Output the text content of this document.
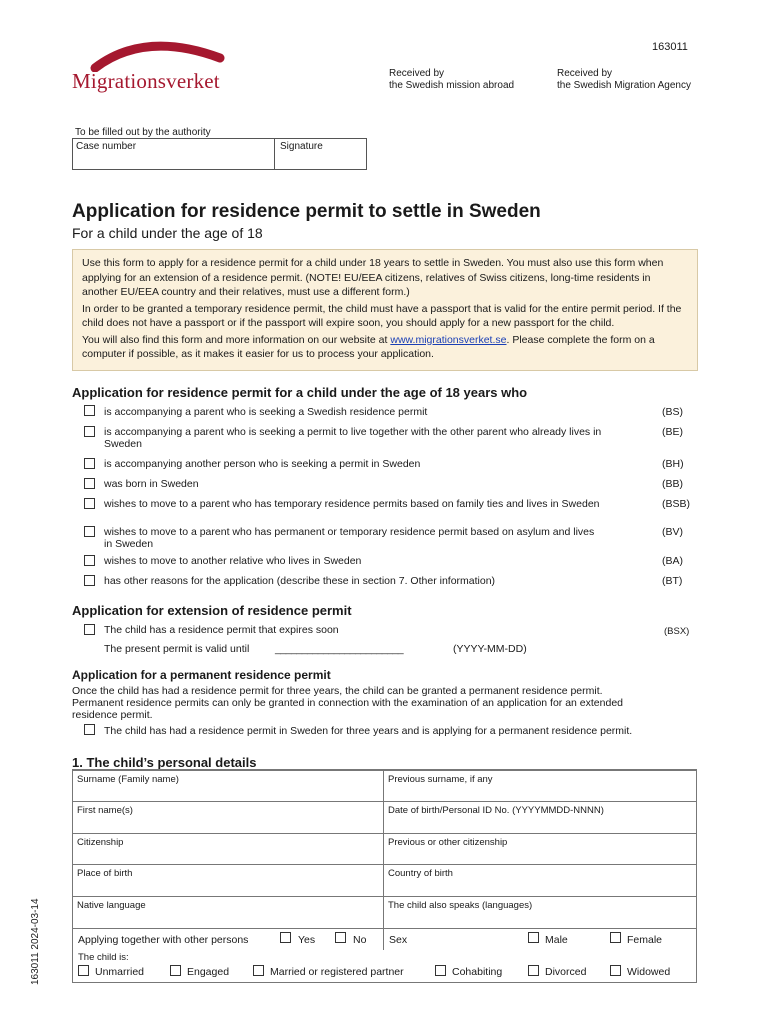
Migrationsverket
163011
Received by
the Swedish mission abroad
Received by
the Swedish Migration Agency
To be filled out by the authority
Case number	Signature
Application for residence permit to settle in Sweden
For a child under the age of 18

Use this form to apply for a residence permit for a child under 18 years to settle in Sweden. You must also use this form when applying for an extension of a residence permit. (NOTE! EU/EEA citizens, relatives of Swiss citizens, long-time residents in another EU/EEA country and their relatives, must use a different form.)

In order to be granted a temporary residence permit, the child must have a passport that is valid for the entire permit period. If the child does not have a passport or if the passport will expire soon, you should apply for a new passport for the child.

You will also find this form and more information on our website at www.migrationsverket.se. Please complete the form on a computer if possible, as it makes it easier for us to process your application.

Application for residence permit for a child under the age of 18 years who
is accompanying a parent who is seeking a Swedish residence permit	(BS)
is accompanying a parent who is seeking a permit to live together with the other parent who already lives in Sweden
(BE)
is accompanying another person who is seeking a permit in Sweden	(BH)
was born in Sweden	(BB)
wishes to move to a parent who has temporary residence permits based on family ties and lives in Sweden	(BSB)
wishes to move to a parent who has permanent or temporary residence permit based on asylum and lives in Sweden
(BV)
wishes to move to another relative who lives in Sweden	(BA)
has other reasons for the application (describe these in section 7. Other information)	(BT)
Application for extension of residence permit
The child has a residence permit that expires soon	(BSX)
The present permit is valid until ________________________	(YYYY-MM-DD)
Application for a permanent residence permit
Once the child has had a residence permit for three years, the child can be granted a permanent residence permit. Permanent residence permits can only be granted in connection with the examination of an application for an extended residence permit.
The child has had a residence permit in Sweden for three years and is applying for a permanent residence permit.
1. The child’s personal details
Surname (Family name)	Previous surname, if any
First name(s)	Date of birth/Personal ID No. (YYYYMMDD-NNNN)
Citizenship	Previous or other citizenship
Place of birth	Country of birth
Native language	The child also speaks (languages)
Applying together with other persons	Yes	No Sex	Male	Female
The child is:
Unmarried	Engaged	Married or registered partner	Cohabiting	Divorced	Widowed
163011 2024-03-14
